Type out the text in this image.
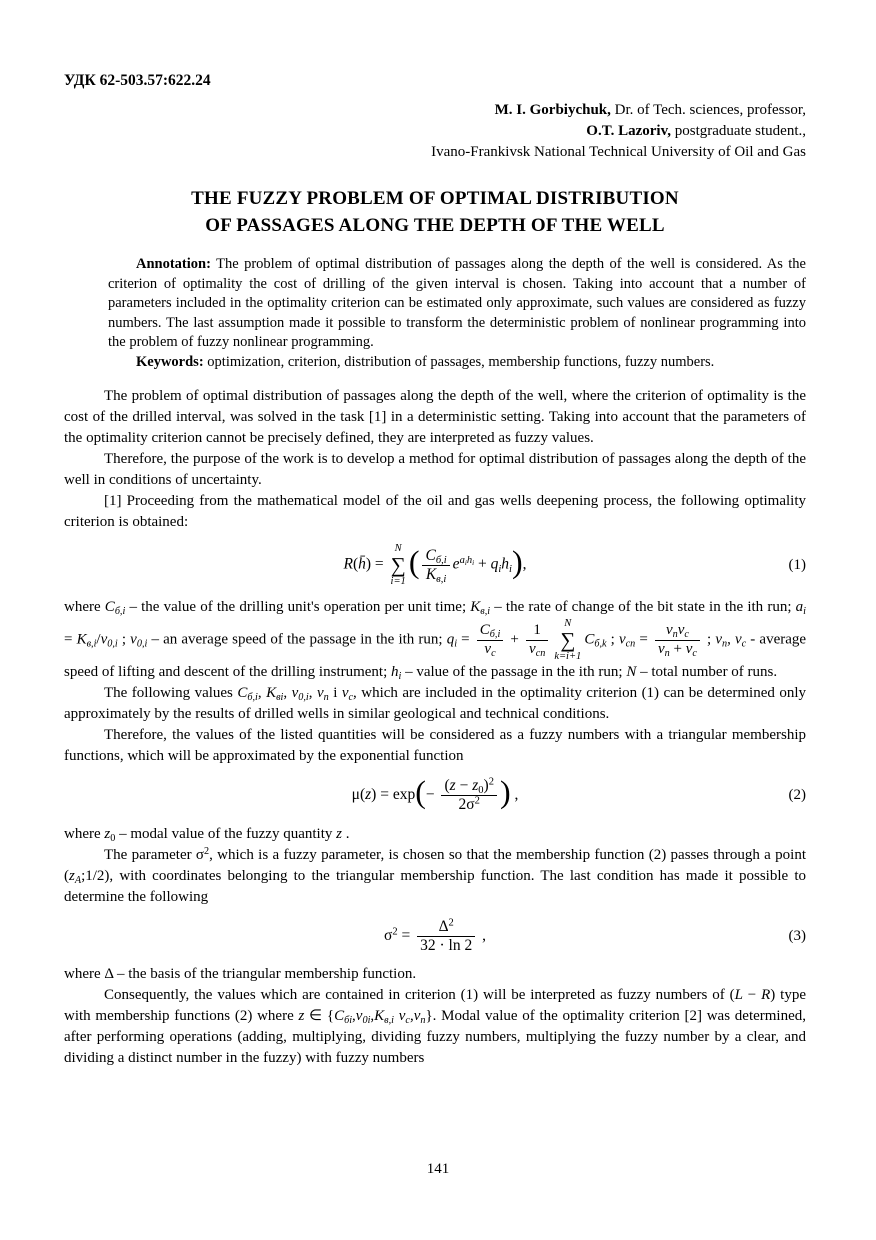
УДК 62-503.57:622.24

M. I. Gorbiychuk, Dr. of Tech. sciences, professor,

O.T. Lazoriv, postgraduate student.,

Ivano-Frankivsk National Technical University of Oil and Gas

THE FUZZY PROBLEM OF OPTIMAL DISTRIBUTION
OF PASSAGES ALONG THE DEPTH OF THE WELL

Annotation: The problem of optimal distribution of passages along the depth of the well is considered. As the criterion of optimality the cost of drilling of the given interval is chosen. Taking into account that a number of parameters included in the optimality criterion can be estimated only approximate, such values are considered as fuzzy numbers. The last assumption made it possible to transform the deterministic problem of nonlinear programming into the problem of fuzzy nonlinear programming.

Keywords: optimization, criterion, distribution of passages, membership functions, fuzzy numbers.

The problem of optimal distribution of passages along the depth of the well, where the criterion of optimality is the cost of the drilled interval, was solved in the task [1] in a deterministic setting. Taking into account that the parameters of the optimality criterion cannot be precisely defined, they are interpreted as fuzzy values.

Therefore, the purpose of the work is to develop a method for optimal distribution of passages along the depth of the well in conditions of uncertainty.

[1] Proceeding from the mathematical model of the oil and gas wells deepening process, the following optimality criterion is obtained:

R(h̄) =
N
∑
i=1
( $\frac{C_{б,i}}{K_{в,i}} e^{a_ih_i} + q_ih_i$),	(1)

where $C_{б,i}$ – the value of the drilling unit's operation per unit time; $K_{в,i}$ – the rate of change of the bit state in the ith run; $a_i = K_{в,i}/v_{0,i}$ ; $v_{0,i}$ – an average speed of the passage in the ith run; $q_i = \frac{C_{б,i}}{v_c} + \frac{1}{v_{cn}}$ N
∑
k=i+1
$C_{б,k}$ ; $v_{cn} = \frac{v_nv_c}{v_n + v_c}$ ; $v_n$, $v_c$ - average speed of lifting and descent of the drilling instrument; $h_i$ – value of the passage in the ith run; N – total number of runs.

The following values $C_{б,i}$, $K_{вi}$, $v_{0,i}$, $v_n$ i $v_c$, which are included in the optimality criterion (1) can be determined only approximately by the results of drilled wells in similar geological and technical conditions.

Therefore, the values of the listed quantities will be considered as a fuzzy numbers with a triangular membership functions, which will be approximated by the exponential function

$\mu(z) = \exp(- \frac{(z - z_0)^2}{2\sigma^2}$ ) ,	(2)

where $z_0$ – modal value of the fuzzy quantity z .

The parameter $\sigma^2$, which is a fuzzy parameter, is chosen so that the membership function (2) passes through a point $(z_A;1/2)$, with coordinates belonging to the triangular membership function. The last condition has made it possible to determine the following

$\sigma^2 = \frac{\Delta^2}{32 \cdot \ln 2}$ ,	(3)

where Δ – the basis of the triangular membership function.

Consequently, the values which are contained in criterion (1) will be interpreted as fuzzy numbers of (L − R) type with membership functions (2) where z ∈ {$C_{бi},v_{0i},K_{в,i}$ $v_c,v_n$}. Modal value of the optimality criterion [2] was determined, after performing operations (adding, multiplying, dividing fuzzy numbers, multiplying the fuzzy number by a clear, and dividing a distinct number in the fuzzy) with fuzzy numbers

141
